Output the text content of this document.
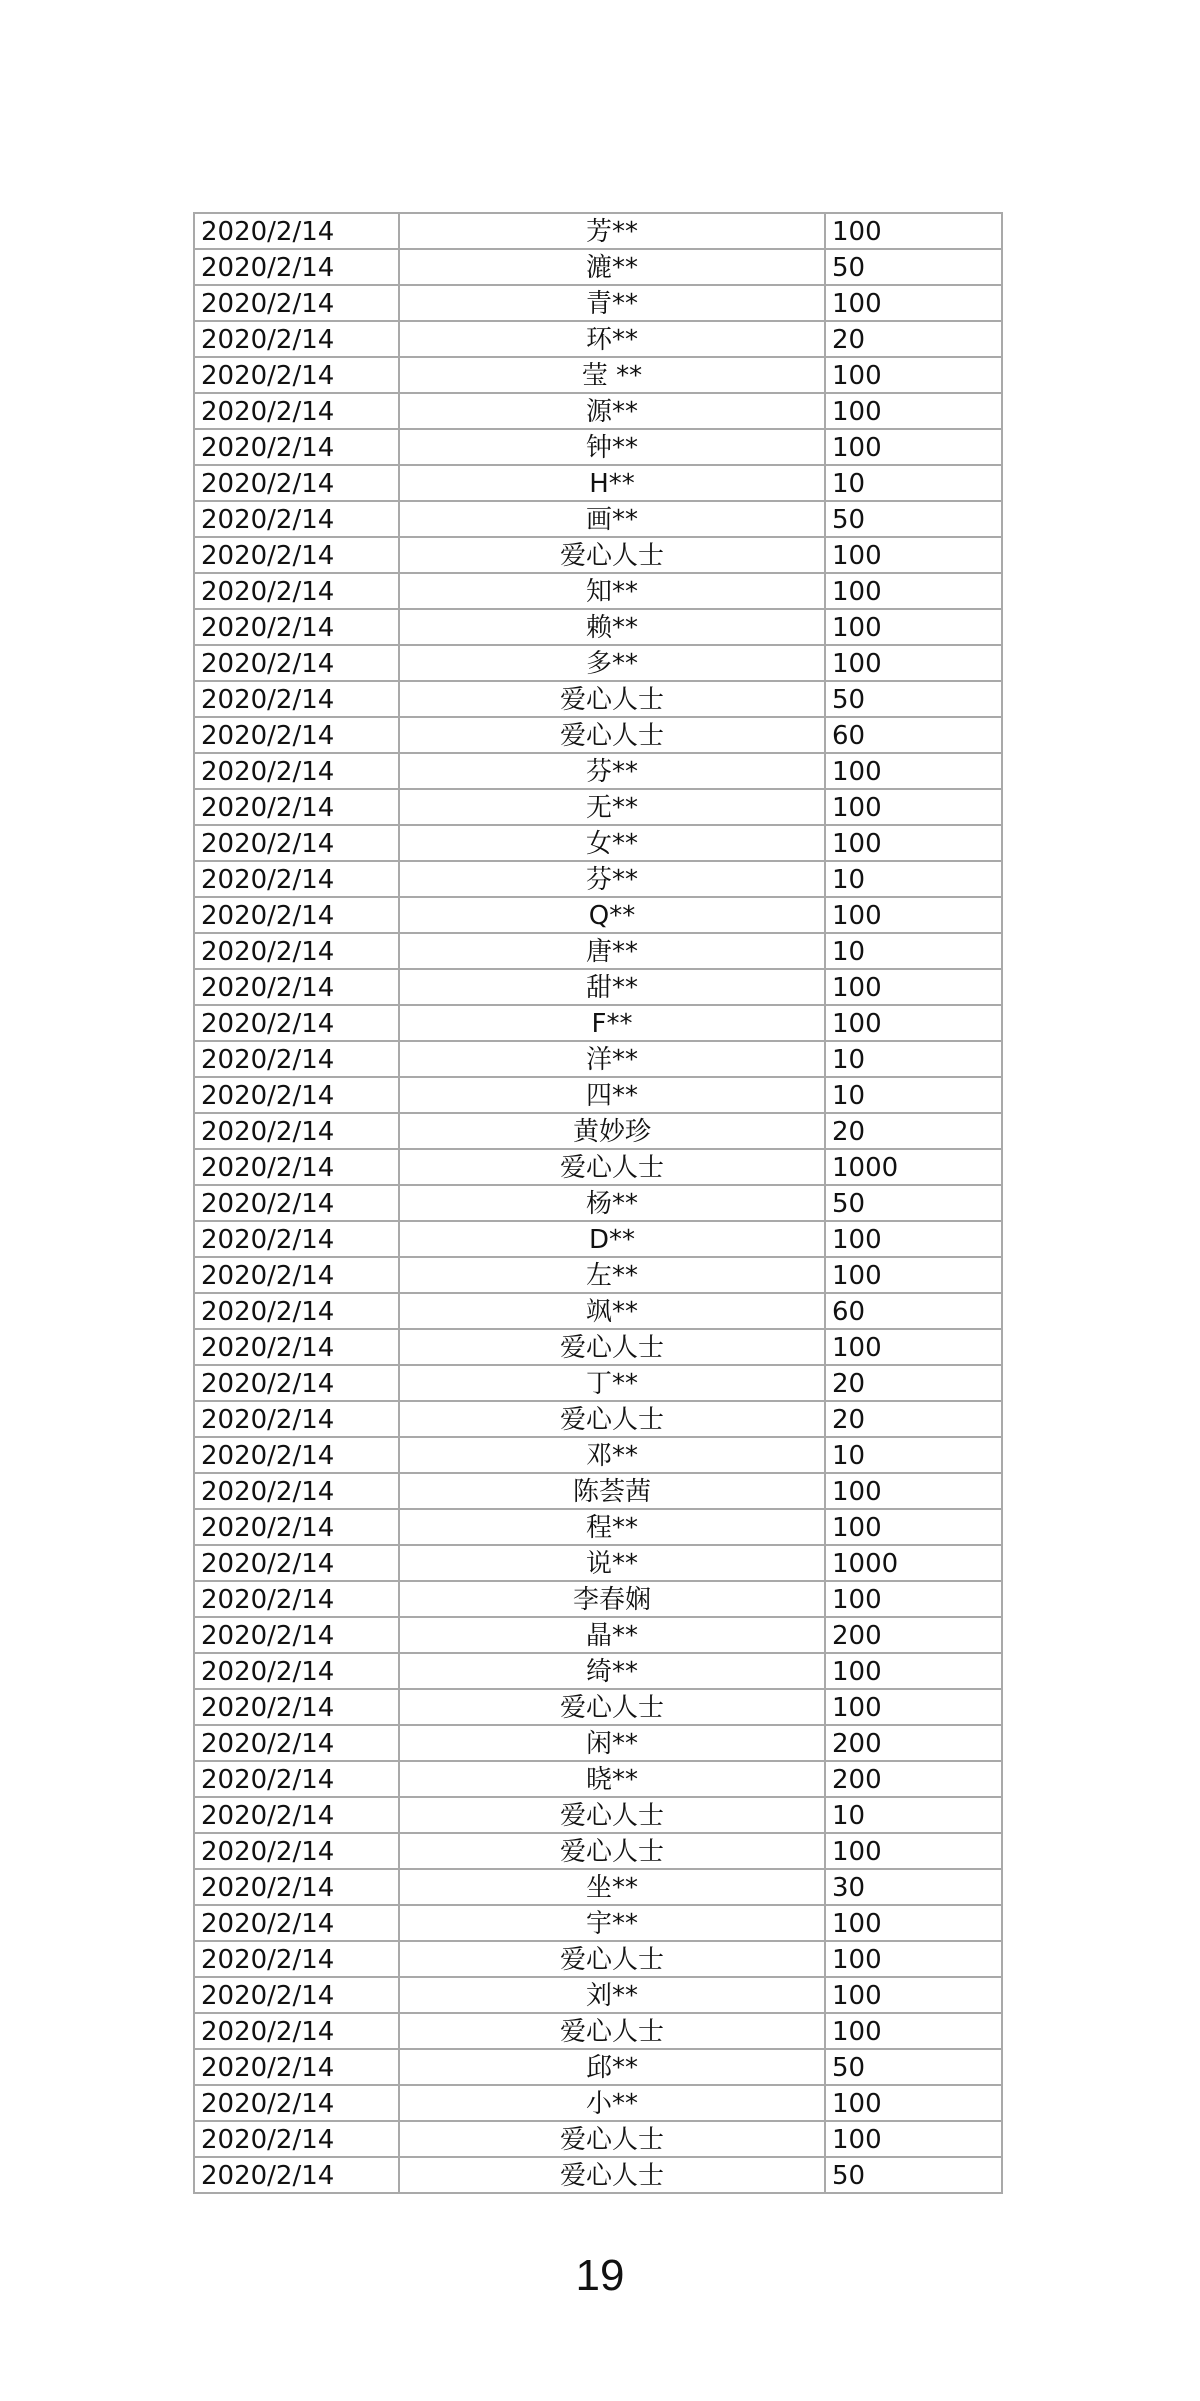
2020/2/14	芳**	100
2020/2/14	漉**	50
2020/2/14	青**	100
2020/2/14	环**	20
2020/2/14	莹 **	100
2020/2/14	源**	100
2020/2/14	钟**	100
2020/2/14	H**	10
2020/2/14	画**	50
2020/2/14	爱心人士	100
2020/2/14	知**	100
2020/2/14	赖**	100
2020/2/14	多**	100
2020/2/14	爱心人士	50
2020/2/14	爱心人士	60
2020/2/14	芬**	100
2020/2/14	无**	100
2020/2/14	女**	100
2020/2/14	芬**	10
2020/2/14	Q**	100
2020/2/14	唐**	10
2020/2/14	甜**	100
2020/2/14	F**	100
2020/2/14	洋**	10
2020/2/14	四**	10
2020/2/14	黄妙珍	20
2020/2/14	爱心人士	1000
2020/2/14	杨**	50
2020/2/14	D**	100
2020/2/14	左**	100
2020/2/14	飒**	60
2020/2/14	爱心人士	100
2020/2/14	丁**	20
2020/2/14	爱心人士	20
2020/2/14	邓**	10
2020/2/14	陈荟茜	100
2020/2/14	程**	100
2020/2/14	说**	1000
2020/2/14	李春娴	100
2020/2/14	晶**	200
2020/2/14	绮**	100
2020/2/14	爱心人士	100
2020/2/14	闲**	200
2020/2/14	晓**	200
2020/2/14	爱心人士	10
2020/2/14	爱心人士	100
2020/2/14	坐**	30
2020/2/14	宇**	100
2020/2/14	爱心人士	100
2020/2/14	刘**	100
2020/2/14	爱心人士	100
2020/2/14	邱**	50
2020/2/14	小**	100
2020/2/14	爱心人士	100
2020/2/14	爱心人士	50
19
